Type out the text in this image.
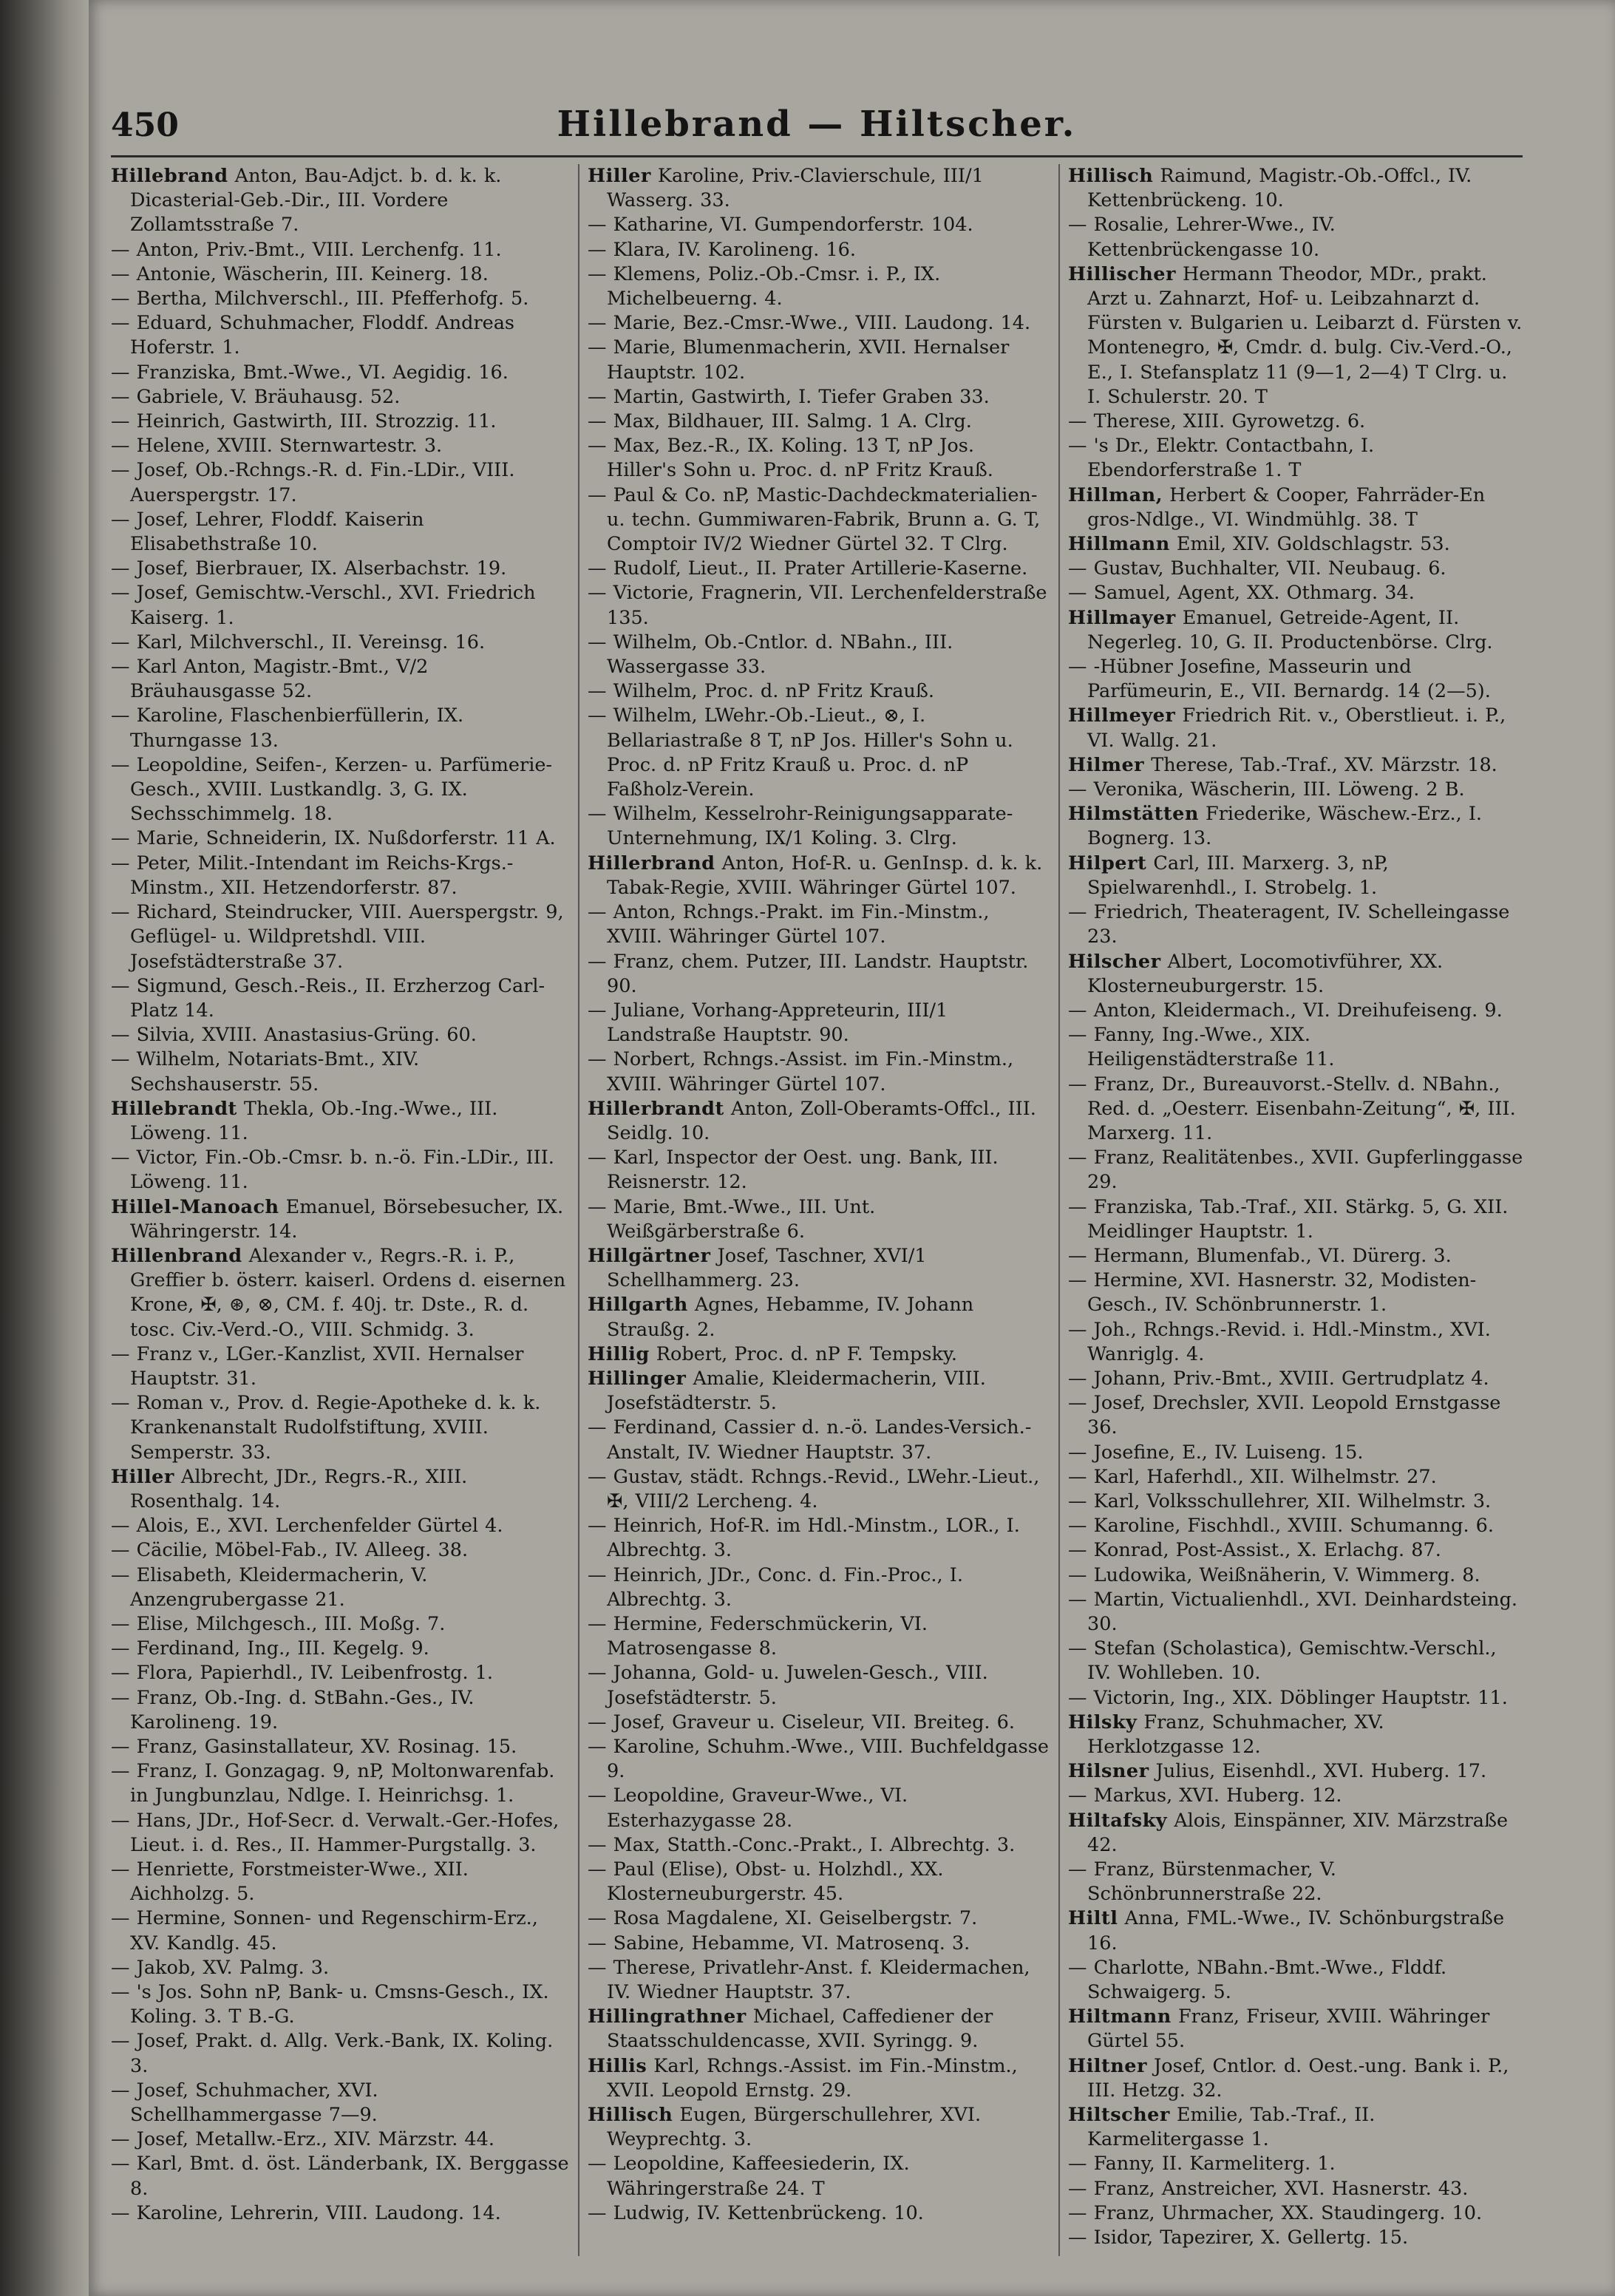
450	Hillebrand — Hiltscher.

Hillebrand Anton, Bau-Adjct. b. d. k. k. Dicasterial-Geb.-Dir., III. Vordere Zollamtsstraße 7.

— Anton, Priv.-Bmt., VIII. Lerchenfg. 11.

— Antonie, Wäscherin, III. Keinerg. 18.

— Bertha, Milchverschl., III. Pfefferhofg. 5.

— Eduard, Schuhmacher, Floddf. Andreas Hoferstr. 1.

— Franziska, Bmt.-Wwe., VI. Aegidig. 16.

— Gabriele, V. Bräuhausg. 52.

— Heinrich, Gastwirth, III. Strozzig. 11.

— Helene, XVIII. Sternwartestr. 3.

— Josef, Ob.-Rchngs.-R. d. Fin.-LDir., VIII. Auerspergstr. 17.

— Josef, Lehrer, Floddf. Kaiserin Elisabethstraße 10.

— Josef, Bierbrauer, IX. Alserbachstr. 19.

— Josef, Gemischtw.-Verschl., XVI. Friedrich Kaiserg. 1.

— Karl, Milchverschl., II. Vereinsg. 16.

— Karl Anton, Magistr.-Bmt., V/2 Bräuhausgasse 52.

— Karoline, Flaschenbierfüllerin, IX. Thurngasse 13.

— Leopoldine, Seifen-, Kerzen- u. Parfümerie-Gesch., XVIII. Lustkandlg. 3, G. IX. Sechsschimmelg. 18.

— Marie, Schneiderin, IX. Nußdorferstr. 11 A.

— Peter, Milit.-Intendant im Reichs-Krgs.-Minstm., XII. Hetzendorferstr. 87.

— Richard, Steindrucker, VIII. Auerspergstr. 9, Geflügel- u. Wildpretshdl. VIII. Josefstädterstraße 37.

— Sigmund, Gesch.-Reis., II. Erzherzog Carl-Platz 14.

— Silvia, XVIII. Anastasius-Grüng. 60.

— Wilhelm, Notariats-Bmt., XIV. Sechshauserstr. 55.

Hillebrandt Thekla, Ob.-Ing.-Wwe., III. Löweng. 11.

— Victor, Fin.-Ob.-Cmsr. b. n.-ö. Fin.-LDir., III. Löweng. 11.

Hillel-Manoach Emanuel, Börsebesucher, IX. Währingerstr. 14.

Hillenbrand Alexander v., Regrs.-R. i. P., Greffier b. österr. kaiserl. Ordens d. eisernen Krone, ✠, ⊛, ⊗, CM. f. 40j. tr. Dste., R. d. tosc. Civ.-Verd.-O., VIII. Schmidg. 3.

— Franz v., LGer.-Kanzlist, XVII. Hernalser Hauptstr. 31.

— Roman v., Prov. d. Regie-Apotheke d. k. k. Krankenanstalt Rudolfstiftung, XVIII. Semperstr. 33.

Hiller Albrecht, JDr., Regrs.-R., XIII. Rosenthalg. 14.

— Alois, E., XVI. Lerchenfelder Gürtel 4.

— Cäcilie, Möbel-Fab., IV. Alleeg. 38.

— Elisabeth, Kleidermacherin, V. Anzengrubergasse 21.

— Elise, Milchgesch., III. Moßg. 7.

— Ferdinand, Ing., III. Kegelg. 9.

— Flora, Papierhdl., IV. Leibenfrostg. 1.

— Franz, Ob.-Ing. d. StBahn.-Ges., IV. Karolineng. 19.

— Franz, Gasinstallateur, XV. Rosinag. 15.

— Franz, I. Gonzagag. 9, nP, Moltonwarenfab. in Jungbunzlau, Ndlge. I. Heinrichsg. 1.

— Hans, JDr., Hof-Secr. d. Verwalt.-Ger.-Hofes, Lieut. i. d. Res., II. Hammer-Purgstallg. 3.

— Henriette, Forstmeister-Wwe., XII. Aichholzg. 5.

— Hermine, Sonnen- und Regenschirm-Erz., XV. Kandlg. 45.

— Jakob, XV. Palmg. 3.

— 's Jos. Sohn nP, Bank- u. Cmsns-Gesch., IX. Koling. 3. T B.-G.

— Josef, Prakt. d. Allg. Verk.-Bank, IX. Koling. 3.

— Josef, Schuhmacher, XVI. Schellhammergasse 7—9.

— Josef, Metallw.-Erz., XIV. Märzstr. 44.

— Karl, Bmt. d. öst. Länderbank, IX. Berggasse 8.

— Karoline, Lehrerin, VIII. Laudong. 14.

Hiller Karoline, Priv.-Clavierschule, III/1 Wasserg. 33.

— Katharine, VI. Gumpendorferstr. 104.

— Klara, IV. Karolineng. 16.

— Klemens, Poliz.-Ob.-Cmsr. i. P., IX. Michelbeuerng. 4.

— Marie, Bez.-Cmsr.-Wwe., VIII. Laudong. 14.

— Marie, Blumenmacherin, XVII. Hernalser Hauptstr. 102.

— Martin, Gastwirth, I. Tiefer Graben 33.

— Max, Bildhauer, III. Salmg. 1 A. Clrg.

— Max, Bez.-R., IX. Koling. 13 T, nP Jos. Hiller's Sohn u. Proc. d. nP Fritz Krauß.

— Paul & Co. nP, Mastic-Dachdeckmaterialien- u. techn. Gummiwaren-Fabrik, Brunn a. G. T, Comptoir IV/2 Wiedner Gürtel 32. T Clrg.

— Rudolf, Lieut., II. Prater Artillerie-Kaserne.

— Victorie, Fragnerin, VII. Lerchenfelderstraße 135.

— Wilhelm, Ob.-Cntlor. d. NBahn., III. Wassergasse 33.

— Wilhelm, Proc. d. nP Fritz Krauß.

— Wilhelm, LWehr.-Ob.-Lieut., ⊗, I. Bellariastraße 8 T, nP Jos. Hiller's Sohn u. Proc. d. nP Fritz Krauß u. Proc. d. nP Faßholz-Verein.

— Wilhelm, Kesselrohr-Reinigungsapparate-Unternehmung, IX/1 Koling. 3. Clrg.

Hillerbrand Anton, Hof-R. u. GenInsp. d. k. k. Tabak-Regie, XVIII. Währinger Gürtel 107.

— Anton, Rchngs.-Prakt. im Fin.-Minstm., XVIII. Währinger Gürtel 107.

— Franz, chem. Putzer, III. Landstr. Hauptstr. 90.

— Juliane, Vorhang-Appreteurin, III/1 Landstraße Hauptstr. 90.

— Norbert, Rchngs.-Assist. im Fin.-Minstm., XVIII. Währinger Gürtel 107.

Hillerbrandt Anton, Zoll-Oberamts-Offcl., III. Seidlg. 10.

— Karl, Inspector der Oest. ung. Bank, III. Reisnerstr. 12.

— Marie, Bmt.-Wwe., III. Unt. Weißgärberstraße 6.

Hillgärtner Josef, Taschner, XVI/1 Schellhammerg. 23.

Hillgarth Agnes, Hebamme, IV. Johann Straußg. 2.

Hillig Robert, Proc. d. nP F. Tempsky.

Hillinger Amalie, Kleidermacherin, VIII. Josefstädterstr. 5.

— Ferdinand, Cassier d. n.-ö. Landes-Versich.-Anstalt, IV. Wiedner Hauptstr. 37.

— Gustav, städt. Rchngs.-Revid., LWehr.-Lieut., ✠, VIII/2 Lercheng. 4.

— Heinrich, Hof-R. im Hdl.-Minstm., LOR., I. Albrechtg. 3.

— Heinrich, JDr., Conc. d. Fin.-Proc., I. Albrechtg. 3.

— Hermine, Federschmückerin, VI. Matrosengasse 8.

— Johanna, Gold- u. Juwelen-Gesch., VIII. Josefstädterstr. 5.

— Josef, Graveur u. Ciseleur, VII. Breiteg. 6.

— Karoline, Schuhm.-Wwe., VIII. Buchfeldgasse 9.

— Leopoldine, Graveur-Wwe., VI. Esterhazygasse 28.

— Max, Statth.-Conc.-Prakt., I. Albrechtg. 3.

— Paul (Elise), Obst- u. Holzhdl., XX. Klosterneuburgerstr. 45.

— Rosa Magdalene, XI. Geiselbergstr. 7.

— Sabine, Hebamme, VI. Matrosenq. 3.

— Therese, Privatlehr-Anst. f. Kleidermachen, IV. Wiedner Hauptstr. 37.

Hillingrathner Michael, Caffediener der Staatsschuldencasse, XVII. Syringg. 9.

Hillis Karl, Rchngs.-Assist. im Fin.-Minstm., XVII. Leopold Ernstg. 29.

Hillisch Eugen, Bürgerschullehrer, XVI. Weyprechtg. 3.

— Leopoldine, Kaffeesiederin, IX. Währingerstraße 24. T

— Ludwig, IV. Kettenbrückeng. 10.

Hillisch Raimund, Magistr.-Ob.-Offcl., IV. Kettenbrückeng. 10.

— Rosalie, Lehrer-Wwe., IV. Kettenbrückengasse 10.

Hillischer Hermann Theodor, MDr., prakt. Arzt u. Zahnarzt, Hof- u. Leibzahnarzt d. Fürsten v. Bulgarien u. Leibarzt d. Fürsten v. Montenegro, ✠, Cmdr. d. bulg. Civ.-Verd.-O., E., I. Stefansplatz 11 (9—1, 2—4) T Clrg. u. I. Schulerstr. 20. T

— Therese, XIII. Gyrowetzg. 6.

— 's Dr., Elektr. Contactbahn, I. Ebendorferstraße 1. T

Hillman, Herbert & Cooper, Fahrräder-En gros-Ndlge., VI. Windmühlg. 38. T

Hillmann Emil, XIV. Goldschlagstr. 53.

— Gustav, Buchhalter, VII. Neubaug. 6.

— Samuel, Agent, XX. Othmarg. 34.

Hillmayer Emanuel, Getreide-Agent, II. Negerleg. 10, G. II. Productenbörse. Clrg.

— -Hübner Josefine, Masseurin und Parfümeurin, E., VII. Bernardg. 14 (2—5).

Hillmeyer Friedrich Rit. v., Oberstlieut. i. P., VI. Wallg. 21.

Hilmer Therese, Tab.-Traf., XV. Märzstr. 18.

— Veronika, Wäscherin, III. Löweng. 2 B.

Hilmstätten Friederike, Wäschew.-Erz., I. Bognerg. 13.

Hilpert Carl, III. Marxerg. 3, nP, Spielwarenhdl., I. Strobelg. 1.

— Friedrich, Theateragent, IV. Schelleingasse 23.

Hilscher Albert, Locomotivführer, XX. Klosterneuburgerstr. 15.

— Anton, Kleidermach., VI. Dreihufeiseng. 9.

— Fanny, Ing.-Wwe., XIX. Heiligenstädterstraße 11.

— Franz, Dr., Bureauvorst.-Stellv. d. NBahn., Red. d. „Oesterr. Eisenbahn-Zeitung“, ✠, III. Marxerg. 11.

— Franz, Realitätenbes., XVII. Gupferlinggasse 29.

— Franziska, Tab.-Traf., XII. Stärkg. 5, G. XII. Meidlinger Hauptstr. 1.

— Hermann, Blumenfab., VI. Dürerg. 3.

— Hermine, XVI. Hasnerstr. 32, Modisten-Gesch., IV. Schönbrunnerstr. 1.

— Joh., Rchngs.-Revid. i. Hdl.-Minstm., XVI. Wanriglg. 4.

— Johann, Priv.-Bmt., XVIII. Gertrudplatz 4.

— Josef, Drechsler, XVII. Leopold Ernstgasse 36.

— Josefine, E., IV. Luiseng. 15.

— Karl, Haferhdl., XII. Wilhelmstr. 27.

— Karl, Volksschullehrer, XII. Wilhelmstr. 3.

— Karoline, Fischhdl., XVIII. Schumanng. 6.

— Konrad, Post-Assist., X. Erlachg. 87.

— Ludowika, Weißnäherin, V. Wimmerg. 8.

— Martin, Victualienhdl., XVI. Deinhardsteing. 30.

— Stefan (Scholastica), Gemischtw.-Verschl., IV. Wohlleben. 10.

— Victorin, Ing., XIX. Döblinger Hauptstr. 11.

Hilsky Franz, Schuhmacher, XV. Herklotzgasse 12.

Hilsner Julius, Eisenhdl., XVI. Huberg. 17.

— Markus, XVI. Huberg. 12.

Hiltafsky Alois, Einspänner, XIV. Märzstraße 42.

— Franz, Bürstenmacher, V. Schönbrunnerstraße 22.

Hiltl Anna, FML.-Wwe., IV. Schönburgstraße 16.

— Charlotte, NBahn.-Bmt.-Wwe., Flddf. Schwaigerg. 5.

Hiltmann Franz, Friseur, XVIII. Währinger Gürtel 55.

Hiltner Josef, Cntlor. d. Oest.-ung. Bank i. P., III. Hetzg. 32.

Hiltscher Emilie, Tab.-Traf., II. Karmelitergasse 1.

— Fanny, II. Karmeliterg. 1.

— Franz, Anstreicher, XVI. Hasnerstr. 43.

— Franz, Uhrmacher, XX. Staudingerg. 10.

— Isidor, Tapezirer, X. Gellertg. 15.
